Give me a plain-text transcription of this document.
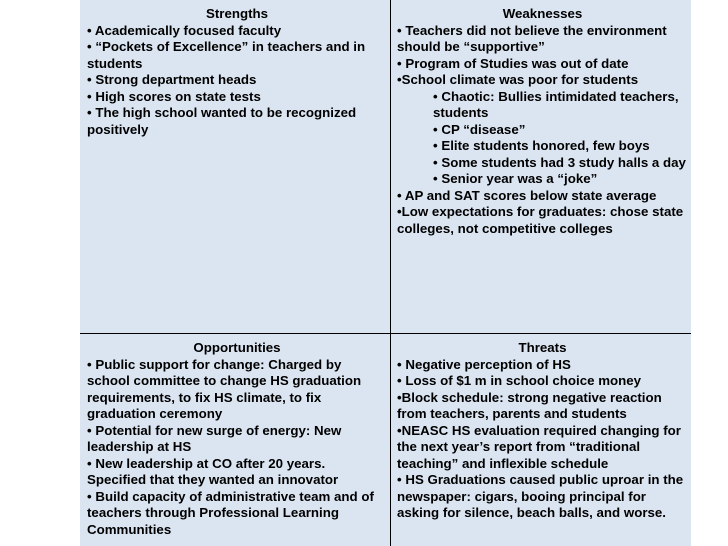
Strengths

• Academically focused faculty

• “Pockets of Excellence” in teachers and in students

• Strong department heads

• High scores on state tests

• The high school wanted to be recognized positively

Weaknesses

• Teachers did not believe the environment should be “supportive”

• Program of Studies was out of date

•School climate was poor for students

• Chaotic: Bullies intimidated teachers, students

• CP “disease”

• Elite students honored, few boys

• Some students had 3 study halls a day

• Senior year was a “joke”

• AP and SAT scores below state average

•Low expectations for graduates: chose state colleges, not competitive colleges

Opportunities

• Public support for change: Charged by school committee to change HS graduation requirements, to fix HS climate, to fix graduation ceremony

• Potential for new surge of energy: New leadership at HS

• New leadership at CO after 20 years. Specified that they wanted an innovator

• Build capacity of administrative team and of teachers through Professional Learning Communities

Threats

• Negative perception of HS

• Loss of $1 m in school choice money

•Block schedule: strong negative reaction from teachers, parents and students

•NEASC HS evaluation required changing for the next year’s report from “traditional teaching” and inflexible schedule

• HS Graduations caused public uproar in the newspaper: cigars, booing principal for asking for silence, beach balls, and worse.
